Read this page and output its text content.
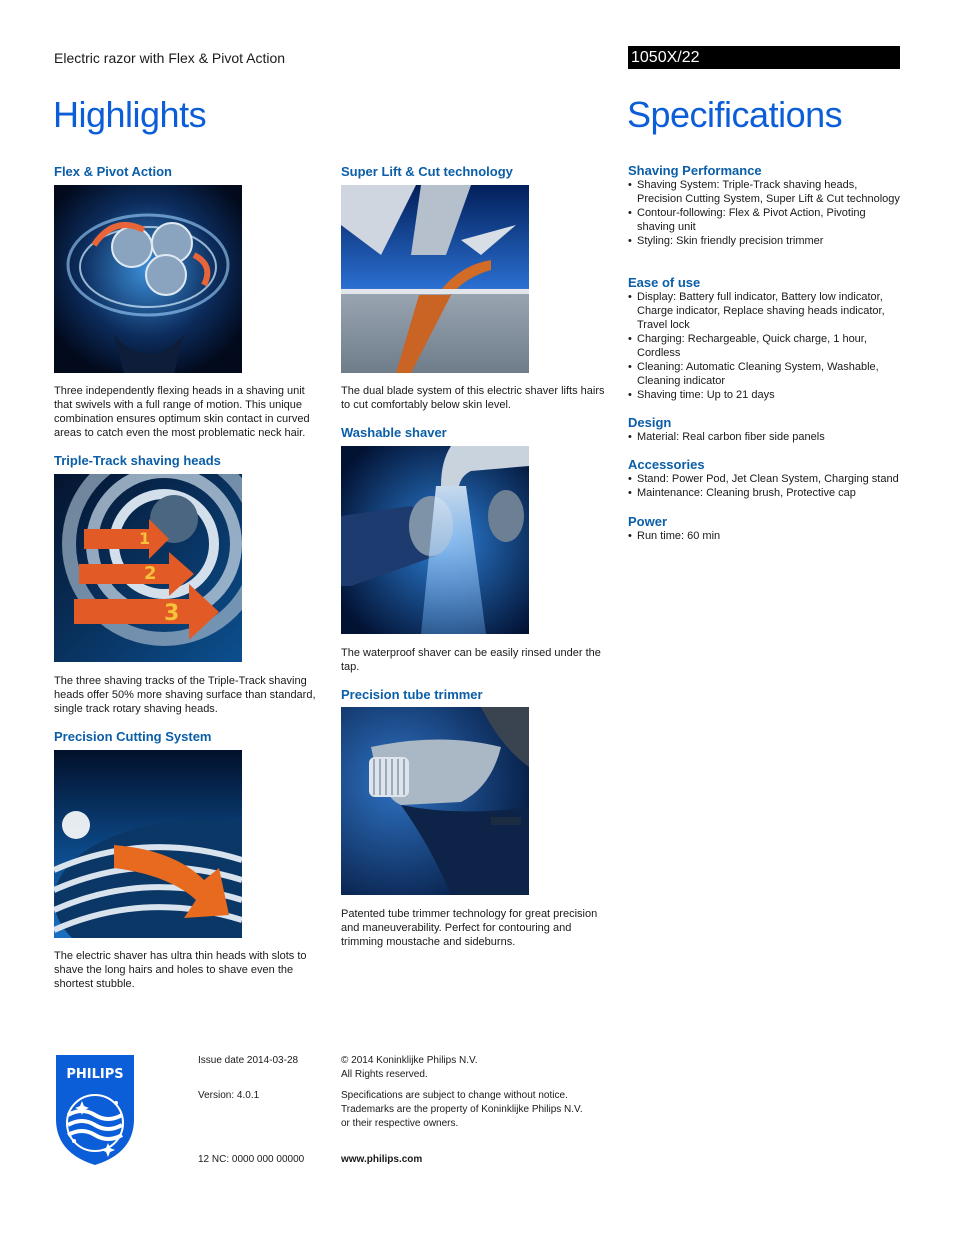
Electric razor with Flex & Pivot Action	1050X/22
Highlights	Specifications
Flex & Pivot Action
Three independently flexing heads in a shaving unit that swivels with a full range of motion. This unique combination ensures optimum skin contact in curved areas to catch even the most problematic neck hair.
Triple-Track shaving heads
1
2
3
The three shaving tracks of the Triple-Track shaving heads offer 50% more shaving surface than standard, single track rotary shaving heads.
Precision Cutting System
The electric shaver has ultra thin heads with slots to shave the long hairs and holes to shave even the shortest stubble.
Super Lift & Cut technology
The dual blade system of this electric shaver lifts hairs to cut comfortably below skin level.
Washable shaver
The waterproof shaver can be easily rinsed under the tap.
Precision tube trimmer
Patented tube trimmer technology for great precision and maneuverability. Perfect for contouring and trimming moustache and sideburns.
Shaving Performance
• Shaving System: Triple-Track shaving heads, Precision Cutting System, Super Lift & Cut technology
• Contour-following: Flex & Pivot Action, Pivoting shaving unit
• Styling: Skin friendly precision trimmer
Ease of use
• Display: Battery full indicator, Battery low indicator, Charge indicator, Replace shaving heads indicator, Travel lock
• Charging: Rechargeable, Quick charge, 1 hour, Cordless
• Cleaning: Automatic Cleaning System, Washable, Cleaning indicator
• Shaving time: Up to 21 days
Design
• Material: Real carbon fiber side panels
Accessories
• Stand: Power Pod, Jet Clean System, Charging stand
• Maintenance: Cleaning brush, Protective cap
Power
• Run time: 60 min
PHILIPS
Issue date 2014-03-28
Version: 4.0.1
12 NC: 0000 000 00000
© 2014 Koninklijke Philips N.V.
All Rights reserved.
Specifications are subject to change without notice.
Trademarks are the property of Koninklijke Philips N.V.
or their respective owners.
www.philips.com
